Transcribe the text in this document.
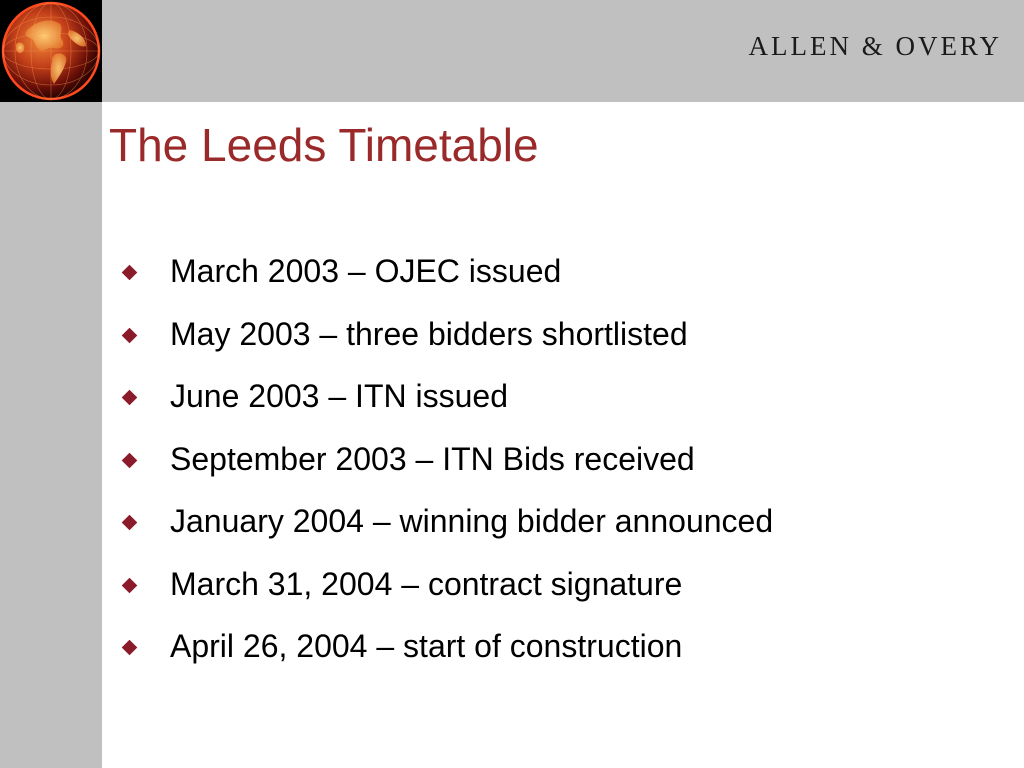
ALLEN & OVERY
The Leeds Timetable
March 2003 – OJEC issued
May 2003 – three bidders shortlisted
June 2003 – ITN issued
September 2003 – ITN Bids received
January 2004 – winning bidder announced
March 31, 2004 – contract signature
April 26, 2004 – start of construction
